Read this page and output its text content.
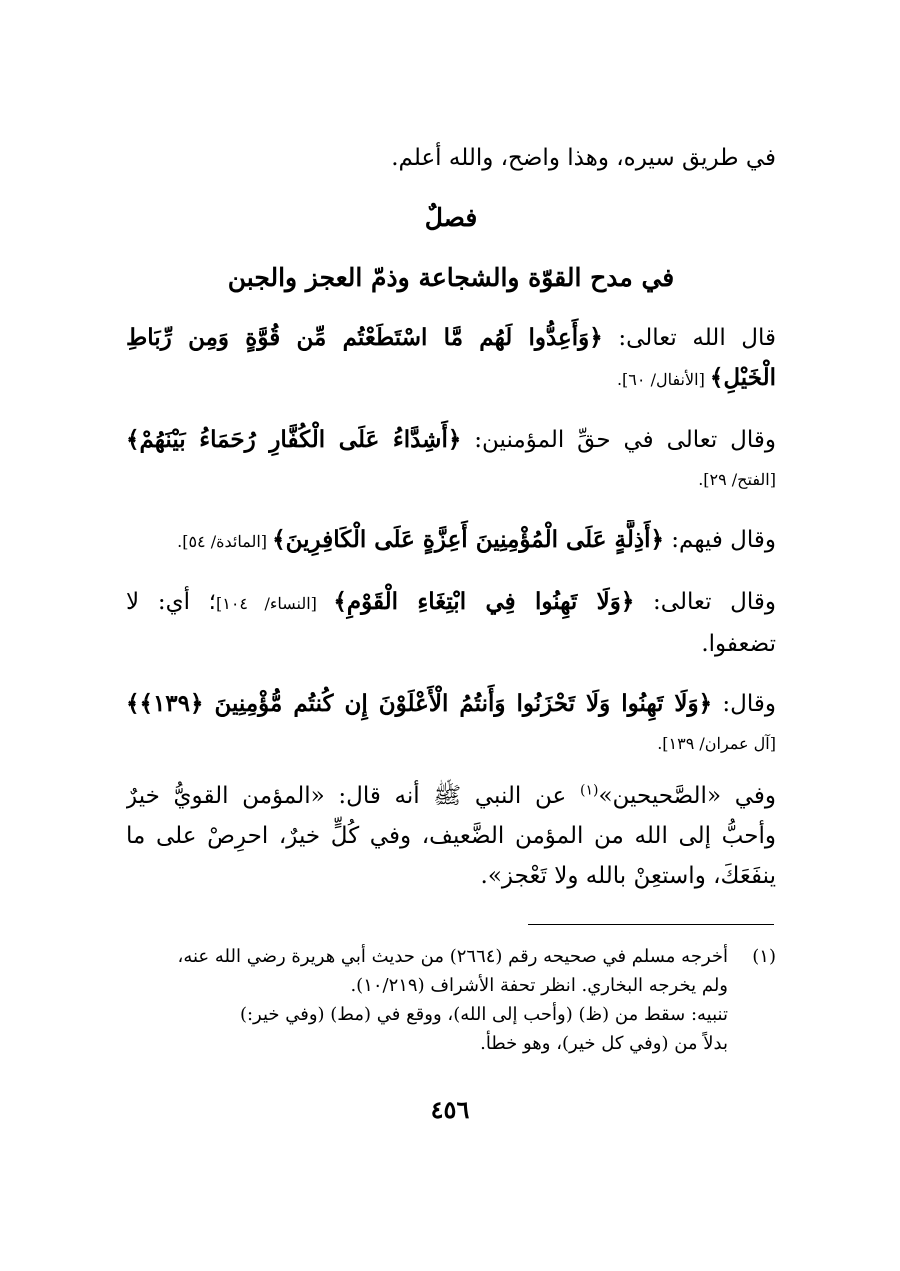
في طريق سيره، وهذا واضح، والله أعلم.
فصلٌ
في مدح القوّة والشجاعة وذمّ العجز والجبن
قال الله تعالى: ﴿وَأَعِدُّوا لَهُم مَّا اسْتَطَعْتُم مِّن قُوَّةٍ وَمِن رِّبَاطِ
الْخَيْلِ﴾ [الأنفال/ ٦٠].
وقال تعالى في حقِّ المؤمنين: ﴿أَشِدَّاءُ عَلَى الْكُفَّارِ رُحَمَاءُ بَيْنَهُمْ﴾
[الفتح/ ٢٩].
وقال فيهم: ﴿أَذِلَّةٍ عَلَى الْمُؤْمِنِينَ أَعِزَّةٍ عَلَى الْكَافِرِينَ﴾ [المائدة/ ٥٤].
وقال تعالى: ﴿وَلَا تَهِنُوا فِي ابْتِغَاءِ الْقَوْمِ﴾ [النساء/ ١٠٤]؛ أي: لا
تضعفوا.
وقال: ﴿وَلَا تَهِنُوا وَلَا تَحْزَنُوا وَأَنتُمُ الْأَعْلَوْنَ إِن كُنتُم مُّؤْمِنِينَ ﴿١٣٩﴾﴾
[آل عمران/ ١٣٩].
وفي «الصَّحيحين»$^{(١)}$ عن النبي ﷺ أنه قال: «المؤمن القويُّ خيرٌ
وأحبُّ إلى الله من المؤمن الضَّعيف، وفي كُلٍّ خيرٌ، احرِصْ على ما
ينفَعَكَ، واستعِنْ بالله ولا تَعْجز».
(١)أخرجه مسلم في صحيحه رقم (٢٦٦٤) من حديث أبي هريرة رضي الله عنه،
ولم يخرجه البخاري. انظر تحفة الأشراف (١٠/٢١٩).
تنبيه: سقط من (ظ) (وأحب إلى الله)، ووقع في (مط) (وفي خير:)
بدلاً من (وفي كل خير)، وهو خطأ.
٤٥٦
